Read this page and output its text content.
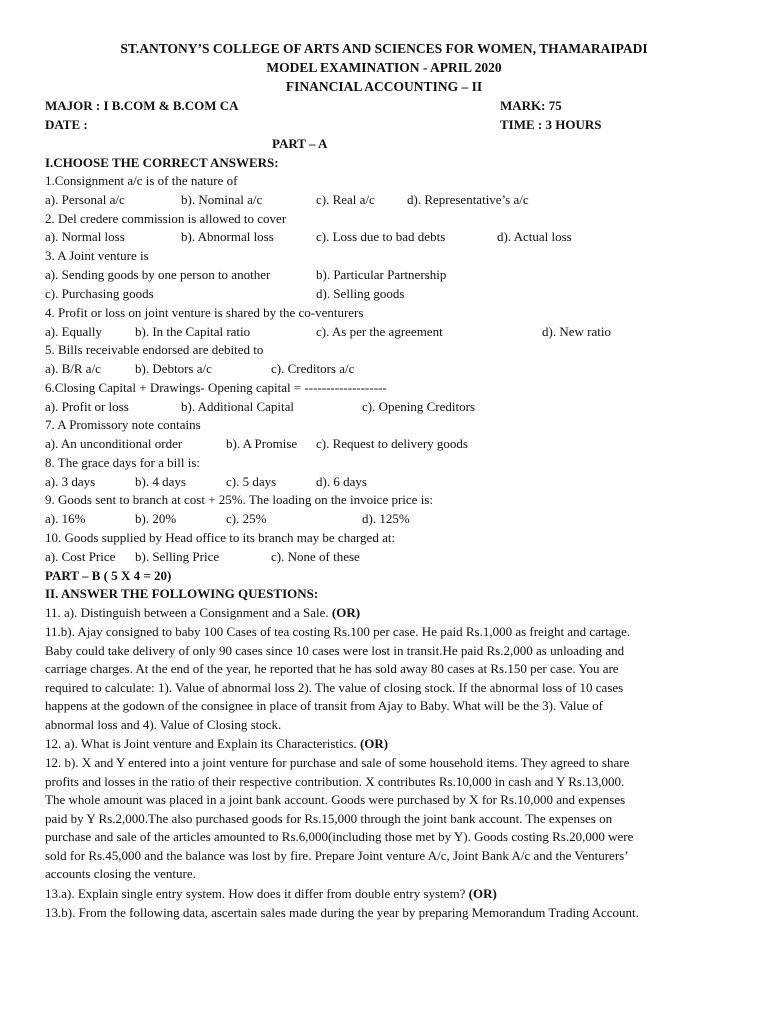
ST.ANTONY’S COLLEGE OF ARTS AND SCIENCES FOR WOMEN, THAMARAIPADI
MODEL EXAMINATION - APRIL 2020
FINANCIAL ACCOUNTING – II
MAJOR : I B.COM & B.COM CA	MARK: 75
DATE :	TIME : 3 HOURS
PART – A
I.CHOOSE THE CORRECT ANSWERS:
1.Consignment a/c is of the nature of
a). Personal a/c	b). Nominal a/c	c). Real a/c d). Representative’s a/c
2. Del credere commission is allowed to cover
a). Normal loss	b). Abnormal loss	c). Loss due to bad debts	d). Actual loss
3. A Joint venture is
a). Sending goods by one person to another	b). Particular Partnership
c). Purchasing goods	d). Selling goods
4. Profit or loss on joint venture is shared by the co-venturers
a). Equally	b). In the Capital ratio	c). As per the agreement	d). New ratio
5. Bills receivable endorsed are debited to
a). B/R a/c	b). Debtors a/c	c). Creditors a/c
6.Closing Capital + Drawings- Opening capital = -------------------
a). Profit or loss	b). Additional Capital	c). Opening Creditors
7. A Promissory note contains
a). An unconditional order	b). A Promise c). Request to delivery goods
8. The grace days for a bill is:
a). 3 days	b). 4 days	c). 5 days	d). 6 days
9. Goods sent to branch at cost + 25%. The loading on the invoice price is:
a). 16%	b). 20%	c). 25%	d). 125%
10. Goods supplied by Head office to its branch may be charged at:
a). Cost Price b). Selling Price	c). None of these
PART – B ( 5 X 4 = 20)
II. ANSWER THE FOLLOWING QUESTIONS:
11. a). Distinguish between a Consignment and a Sale. (OR)
11.b). Ajay consigned to baby 100 Cases of tea costing Rs.100 per case. He paid Rs.1,000 as freight and cartage.
Baby could take delivery of only 90 cases since 10 cases were lost in transit.He paid Rs.2,000 as unloading and
carriage charges. At the end of the year, he reported that he has sold away 80 cases at Rs.150 per case. You are
required to calculate: 1). Value of abnormal loss 2). The value of closing stock. If the abnormal loss of 10 cases
happens at the godown of the consignee in place of transit from Ajay to Baby. What will be the 3). Value of
abnormal loss and 4). Value of Closing stock.
12. a). What is Joint venture and Explain its Characteristics. (OR)
12. b). X and Y entered into a joint venture for purchase and sale of some household items. They agreed to share
profits and losses in the ratio of their respective contribution. X contributes Rs.10,000 in cash and Y Rs.13,000.
The whole amount was placed in a joint bank account. Goods were purchased by X for Rs.10,000 and expenses
paid by Y Rs.2,000.The also purchased goods for Rs.15,000 through the joint bank account. The expenses on
purchase and sale of the articles amounted to Rs.6,000(including those met by Y). Goods costing Rs.20,000 were
sold for Rs.45,000 and the balance was lost by fire. Prepare Joint venture A/c, Joint Bank A/c and the Venturers’
accounts closing the venture.
13.a). Explain single entry system. How does it differ from double entry system? (OR)
13.b). From the following data, ascertain sales made during the year by preparing Memorandum Trading Account.
